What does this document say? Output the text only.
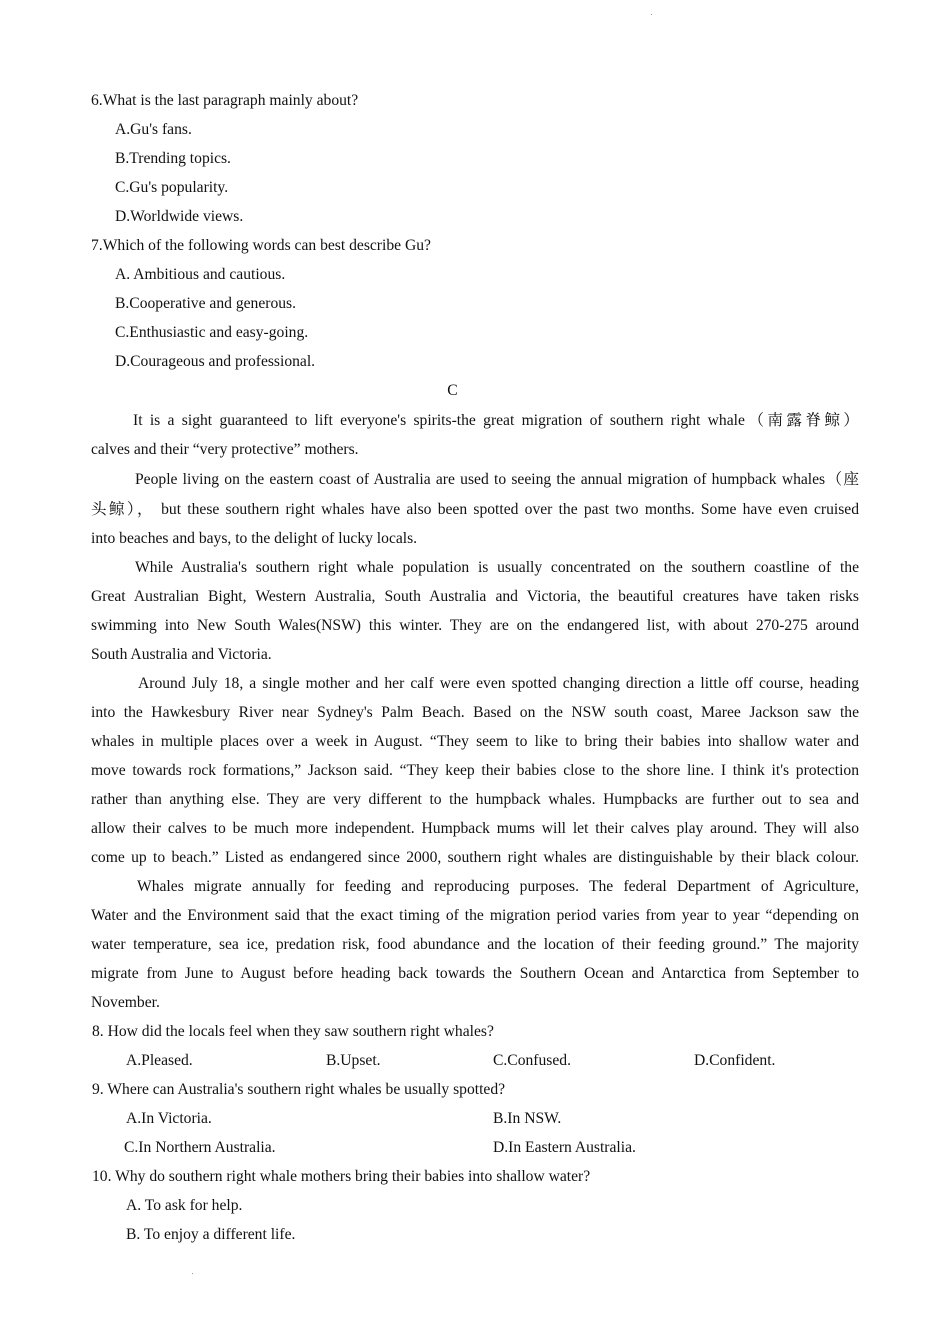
6.What is the last paragraph mainly about?
A.Gu's fans.
B.Trending topics.
C.Gu's popularity.
D.Worldwide views.
7.Which of the following words can best describe Gu?
A. Ambitious and cautious.
B.Cooperative and generous.
C.Enthusiastic and easy-going.
D.Courageous and professional.
C
It is a sight guaranteed to lift everyone's spirits-the great migration of southern right whale（南露脊鲸）
calves and their “very protective” mothers.
People living on the eastern coast of Australia are used to seeing the annual migration of humpback whales（座
头鲸）， but these southern right whales have also been spotted over the past two months. Some have even cruised
into beaches and bays, to the delight of lucky locals.
While Australia's southern right whale population is usually concentrated on the southern coastline of the
Great Australian Bight, Western Australia, South Australia and Victoria, the beautiful creatures have taken risks
swimming into New South Wales(NSW) this winter. They are on the endangered list, with about 270-275 around
South Australia and Victoria.
Around July 18, a single mother and her calf were even spotted changing direction a little off course, heading
into the Hawkesbury River near Sydney's Palm Beach. Based on the NSW south coast, Maree Jackson saw the
whales in multiple places over a week in August. “They seem to like to bring their babies into shallow water and
move towards rock formations,” Jackson said. “They keep their babies close to the shore line. I think it's protection
rather than anything else. They are very different to the humpback whales. Humpbacks are further out to sea and
allow their calves to be much more independent. Humpback mums will let their calves play around. They will also
come up to beach.” Listed as endangered since 2000, southern right whales are distinguishable by their black colour.
Whales migrate annually for feeding and reproducing purposes. The federal Department of Agriculture,
Water and the Environment said that the exact timing of the migration period varies from year to year “depending on
water temperature, sea ice, predation risk, food abundance and the location of their feeding ground.” The majority
migrate from June to August before heading back towards the Southern Ocean and Antarctica from September to
November.
8. How did the locals feel when they saw southern right whales?
A.Pleased.	B.Upset.	C.Confused.	D.Confident.
9. Where can Australia's southern right whales be usually spotted?
A.In Victoria.	B.In NSW.
C.In Northern Australia.	D.In Eastern Australia.
10. Why do southern right whale mothers bring their babies into shallow water?
A. To ask for help.
B. To enjoy a different life.
